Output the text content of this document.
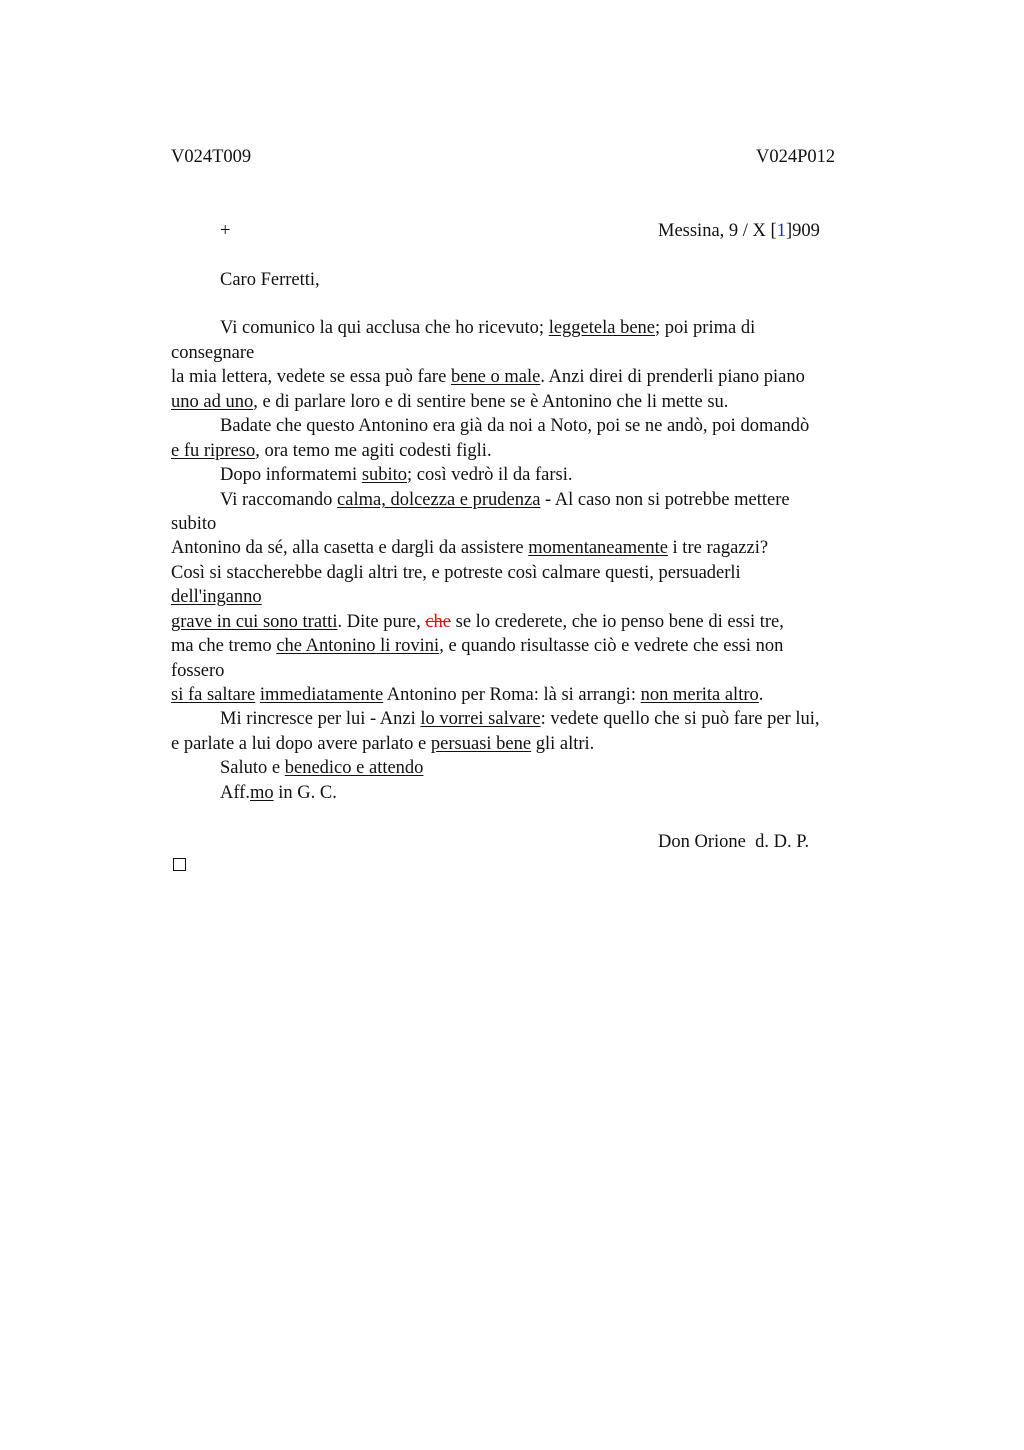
V024T009	V024P012
+	Messina, 9 / X [1]909
Caro Ferretti,
Vi comunico la qui acclusa che ho ricevuto; leggetela bene; poi prima di
consegnare
la mia lettera, vedete se essa può fare bene o male. Anzi direi di prenderli piano piano
uno ad uno, e di parlare loro e di sentire bene se è Antonino che li mette su.
Badate che questo Antonino era già da noi a Noto, poi se ne andò, poi domandò
e fu ripreso, ora temo me agiti codesti figli.
Dopo informatemi subito; così vedrò il da farsi.
Vi raccomando calma, dolcezza e prudenza - Al caso non si potrebbe mettere
subito
Antonino da sé, alla casetta e dargli da assistere momentaneamente i tre ragazzi?
Così si staccherebbe dagli altri tre, e potreste così calmare questi, persuaderli
dell'inganno
grave in cui sono tratti. Dite pure, che se lo crederete, che io penso bene di essi tre,
ma che tremo che Antonino li rovini, e quando risultasse ciò e vedrete che essi non
fossero
si fa saltare immediatamente Antonino per Roma: là si arrangi: non merita altro.
Mi rincresce per lui - Anzi lo vorrei salvare: vedete quello che si può fare per lui,
e parlate a lui dopo avere parlato e persuasi bene gli altri.
Saluto e benedico e attendo
Aff.mo in G. C.
Don Orione  d. D. P.
